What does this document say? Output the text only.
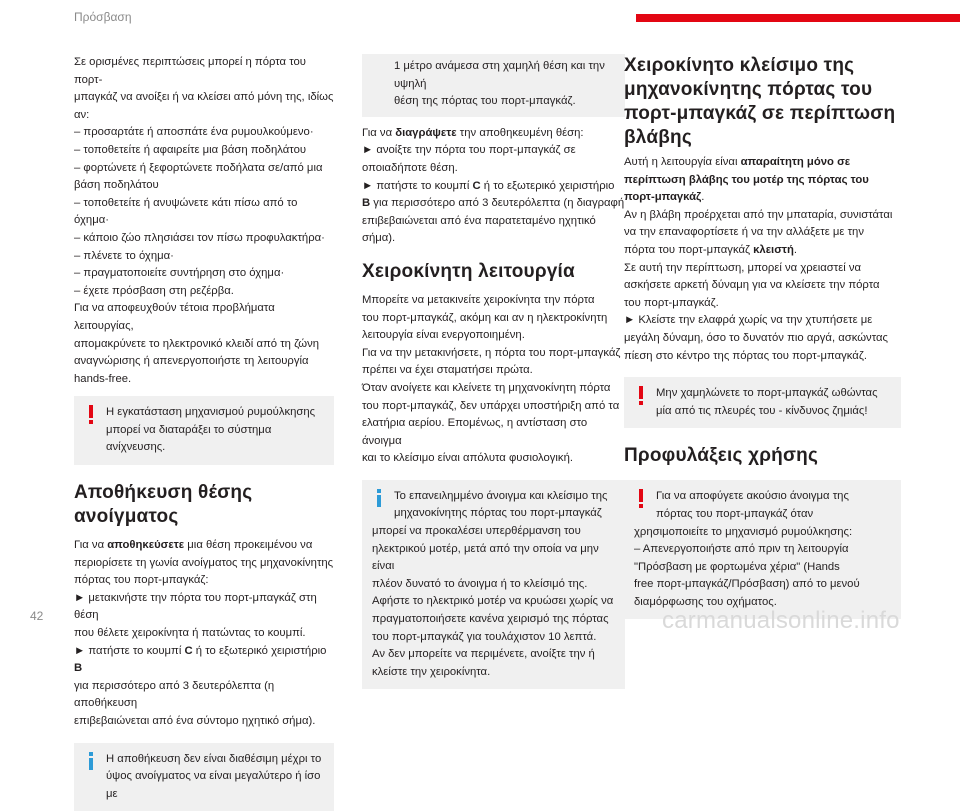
Πρόσβαση

Σε ορισμένες περιπτώσεις μπορεί η πόρτα του πορτ-

μπαγκάζ να ανοίξει ή να κλείσει από μόνη της, ιδίως

αν:

– προσαρτάτε ή αποσπάτε ένα ρυμουλκούμενο·

– τοποθετείτε ή αφαιρείτε μια βάση ποδηλάτου

– φορτώνετε ή ξεφορτώνετε ποδήλατα σε/από μια

βάση ποδηλάτου

– τοποθετείτε ή ανυψώνετε κάτι πίσω από το όχημα·

– κάποιο ζώο πλησιάσει τον πίσω προφυλακτήρα·

– πλένετε το όχημα·

– πραγματοποιείτε συντήρηση στο όχημα·

– έχετε πρόσβαση στη ρεζέρβα.

Για να αποφευχθούν τέτοια προβλήματα λειτουργίας,

απομακρύνετε το ηλεκτρονικό κλειδί από τη ζώνη

αναγνώρισης ή απενεργοποιήστε τη λειτουργία

hands-free.

Η εγκατάσταση μηχανισμού ρυμούλκησης

μπορεί να διαταράξει το σύστημα ανίχνευσης.

Αποθήκευση θέσης ανοίγματος

Για να αποθηκεύσετε μια θέση προκειμένου να

περιορίσετε τη γωνία ανοίγματος της μηχανοκίνητης

πόρτας του πορτ-μπαγκάζ:

► μετακινήστε την πόρτα του πορτ-μπαγκάζ στη θέση

που θέλετε χειροκίνητα ή πατώντας το κουμπί.

► πατήστε το κουμπί C ή το εξωτερικό χειριστήριο B

για περισσότερο από 3 δευτερόλεπτα (η αποθήκευση

επιβεβαιώνεται από ένα σύντομο ηχητικό σήμα).

Η αποθήκευση δεν είναι διαθέσιμη μέχρι το

ύψος ανοίγματος να είναι μεγαλύτερο ή ίσο με

1 μέτρο ανάμεσα στη χαμηλή θέση και την υψηλή

θέση της πόρτας του πορτ-μπαγκάζ.

Για να διαγράψετε την αποθηκευμένη θέση:

► ανοίξτε την πόρτα του πορτ-μπαγκάζ σε

οποιαδήποτε θέση.

► πατήστε το κουμπί C ή το εξωτερικό χειριστήριο

B για περισσότερο από 3 δευτερόλεπτα (η διαγραφή

επιβεβαιώνεται από ένα παρατεταμένο ηχητικό σήμα).

Χειροκίνητη λειτουργία

Μπορείτε να μετακινείτε χειροκίνητα την πόρτα

του πορτ-μπαγκάζ, ακόμη και αν η ηλεκτροκίνητη

λειτουργία είναι ενεργοποιημένη.

Για να την μετακινήσετε, η πόρτα του πορτ-μπαγκάζ

πρέπει να έχει σταματήσει πρώτα.

Όταν ανοίγετε και κλείνετε τη μηχανοκίνητη πόρτα

του πορτ-μπαγκάζ, δεν υπάρχει υποστήριξη από τα

ελατήρια αερίου. Επομένως, η αντίσταση στο άνοιγμα

και το κλείσιμο είναι απόλυτα φυσιολογική.

Το επανειλημμένο άνοιγμα και κλείσιμο της

μηχανοκίνητης πόρτας του πορτ-μπαγκάζ

μπορεί να προκαλέσει υπερθέρμανση του

ηλεκτρικού μοτέρ, μετά από την οποία να μην είναι

πλέον δυνατό το άνοιγμα ή το κλείσιμό της.

Αφήστε το ηλεκτρικό μοτέρ να κρυώσει χωρίς να

πραγματοποιήσετε κανένα χειρισμό της πόρτας

του πορτ-μπαγκάζ για τουλάχιστον 10 λεπτά.

Αν δεν μπορείτε να περιμένετε, ανοίξτε την ή

κλείστε την χειροκίνητα.

Χειροκίνητο κλείσιμο της
μηχανοκίνητης πόρτας του
πορτ-μπαγκάζ σε περίπτωση
βλάβης

Αυτή η λειτουργία είναι απαραίτητη μόνο σε

περίπτωση βλάβης του μοτέρ της πόρτας του

πορτ-μπαγκάζ.

Αν η βλάβη προέρχεται από την μπαταρία, συνιστάται

να την επαναφορτίσετε ή να την αλλάξετε με την

πόρτα του πορτ-μπαγκάζ κλειστή.

Σε αυτή την περίπτωση, μπορεί να χρειαστεί να

ασκήσετε αρκετή δύναμη για να κλείσετε την πόρτα

του πορτ-μπαγκάζ.

► Κλείστε την ελαφρά χωρίς να την χτυπήσετε με

μεγάλη δύναμη, όσο το δυνατόν πιο αργά, ασκώντας

πίεση στο κέντρο της πόρτας του πορτ-μπαγκάζ.

Μην χαμηλώνετε το πορτ-μπαγκάζ ωθώντας

μία από τις πλευρές του - κίνδυνος ζημιάς!

Προφυλάξεις χρήσης

Για να αποφύγετε ακούσιο άνοιγμα της

πόρτας του πορτ-μπαγκάζ όταν

χρησιμοποιείτε το μηχανισμό ρυμούλκησης:

– Απενεργοποιήστε από πριν τη λειτουργία

"Πρόσβαση με φορτωμένα χέρια" (Hands

free πορτ-μπαγκάζ/Πρόσβαση) από το μενού

διαμόρφωσης του οχήματος.

42	carmanualsonline.info
